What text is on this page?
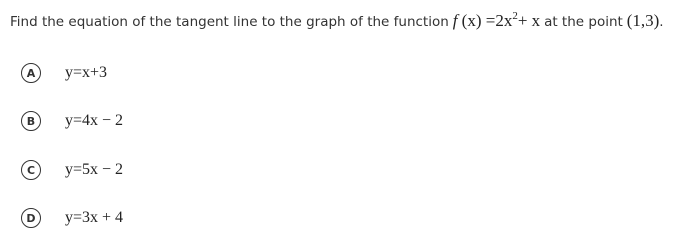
Find the equation of the tangent line to the graph of the function f $(x) =2x^2+ x$ at the point (1,3).
A	y=x+3
B	y=4x − 2
C	y=5x − 2
D	y=3x + 4
